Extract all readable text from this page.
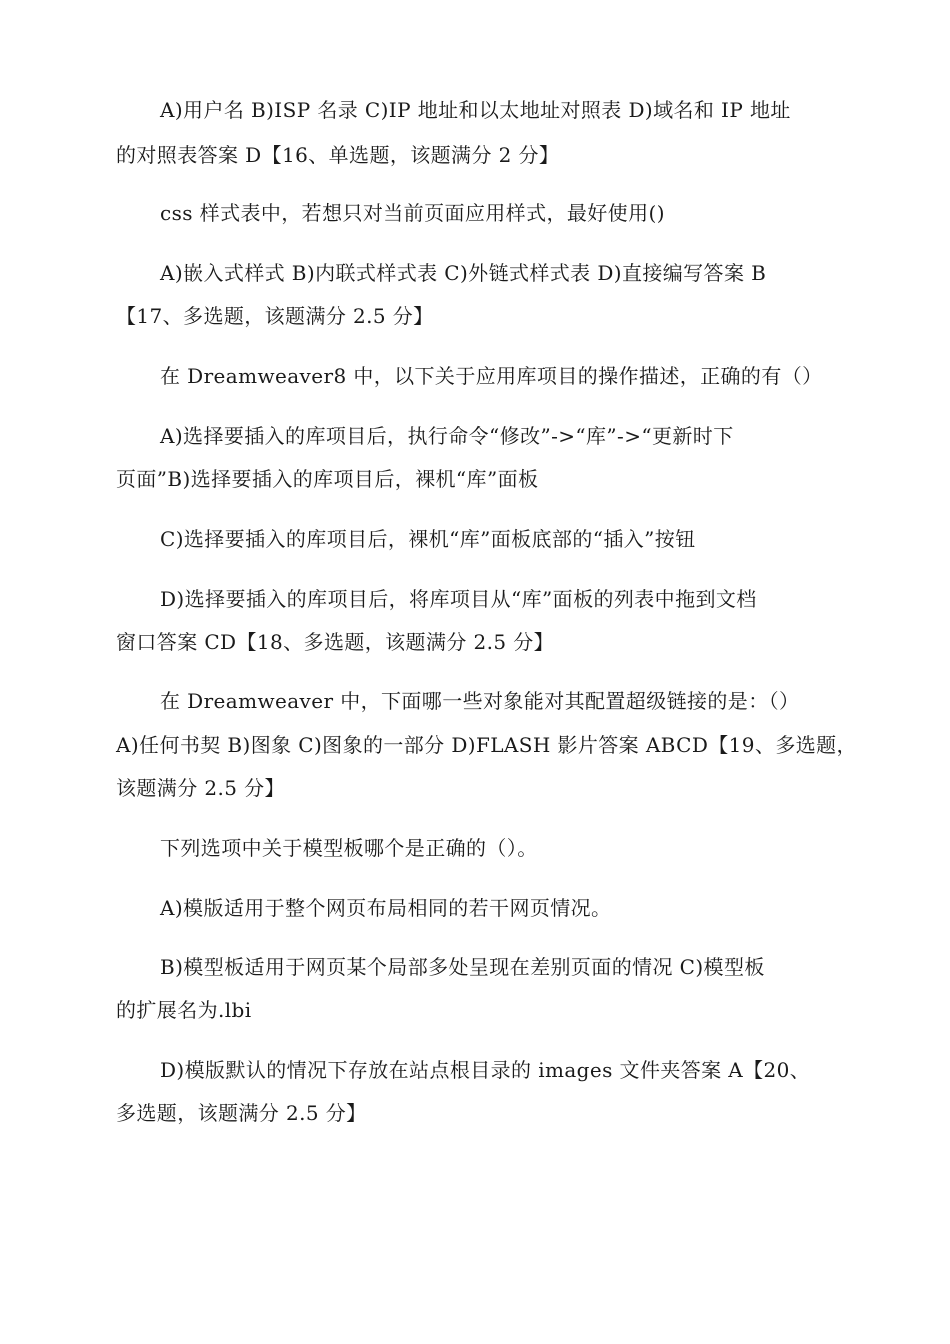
A)用户名 B)ISP 名录 C)IP 地址和以太地址对照表 D)域名和 IP 地址
的对照表答案 D【16、单选题，该题满分 2 分】
css 样式表中，若想只对当前页面应用样式，最好使用()
A)嵌入式样式 B)内联式样式表 C)外链式样式表 D)直接编写答案 B
【17、多选题，该题满分 2.5 分】
在 Dreamweaver8 中，以下关于应用库项目的操作描述，正确的有（）
A)选择要插入的库项目后，执行命令“修改”->“库”->“更新时下
页面”B)选择要插入的库项目后，裸机“库”面板
C)选择要插入的库项目后，裸机“库”面板底部的“插入”按钮
D)选择要插入的库项目后，将库项目从“库”面板的列表中拖到文档
窗口答案 CD【18、多选题，该题满分 2.5 分】
在 Dreamweaver 中，下面哪一些对象能对其配置超级链接的是：（）
A)任何书契 B)图象 C)图象的一部分 D)FLASH 影片答案 ABCD【19、多选题，
该题满分 2.5 分】
下列选项中关于模型板哪个是正确的（）。
A)模版适用于整个网页布局相同的若干网页情况。
B)模型板适用于网页某个局部多处呈现在差别页面的情况 C)模型板
的扩展名为.lbi
D)模版默认的情况下存放在站点根目录的 images 文件夹答案 A【20、
多选题，该题满分 2.5 分】
